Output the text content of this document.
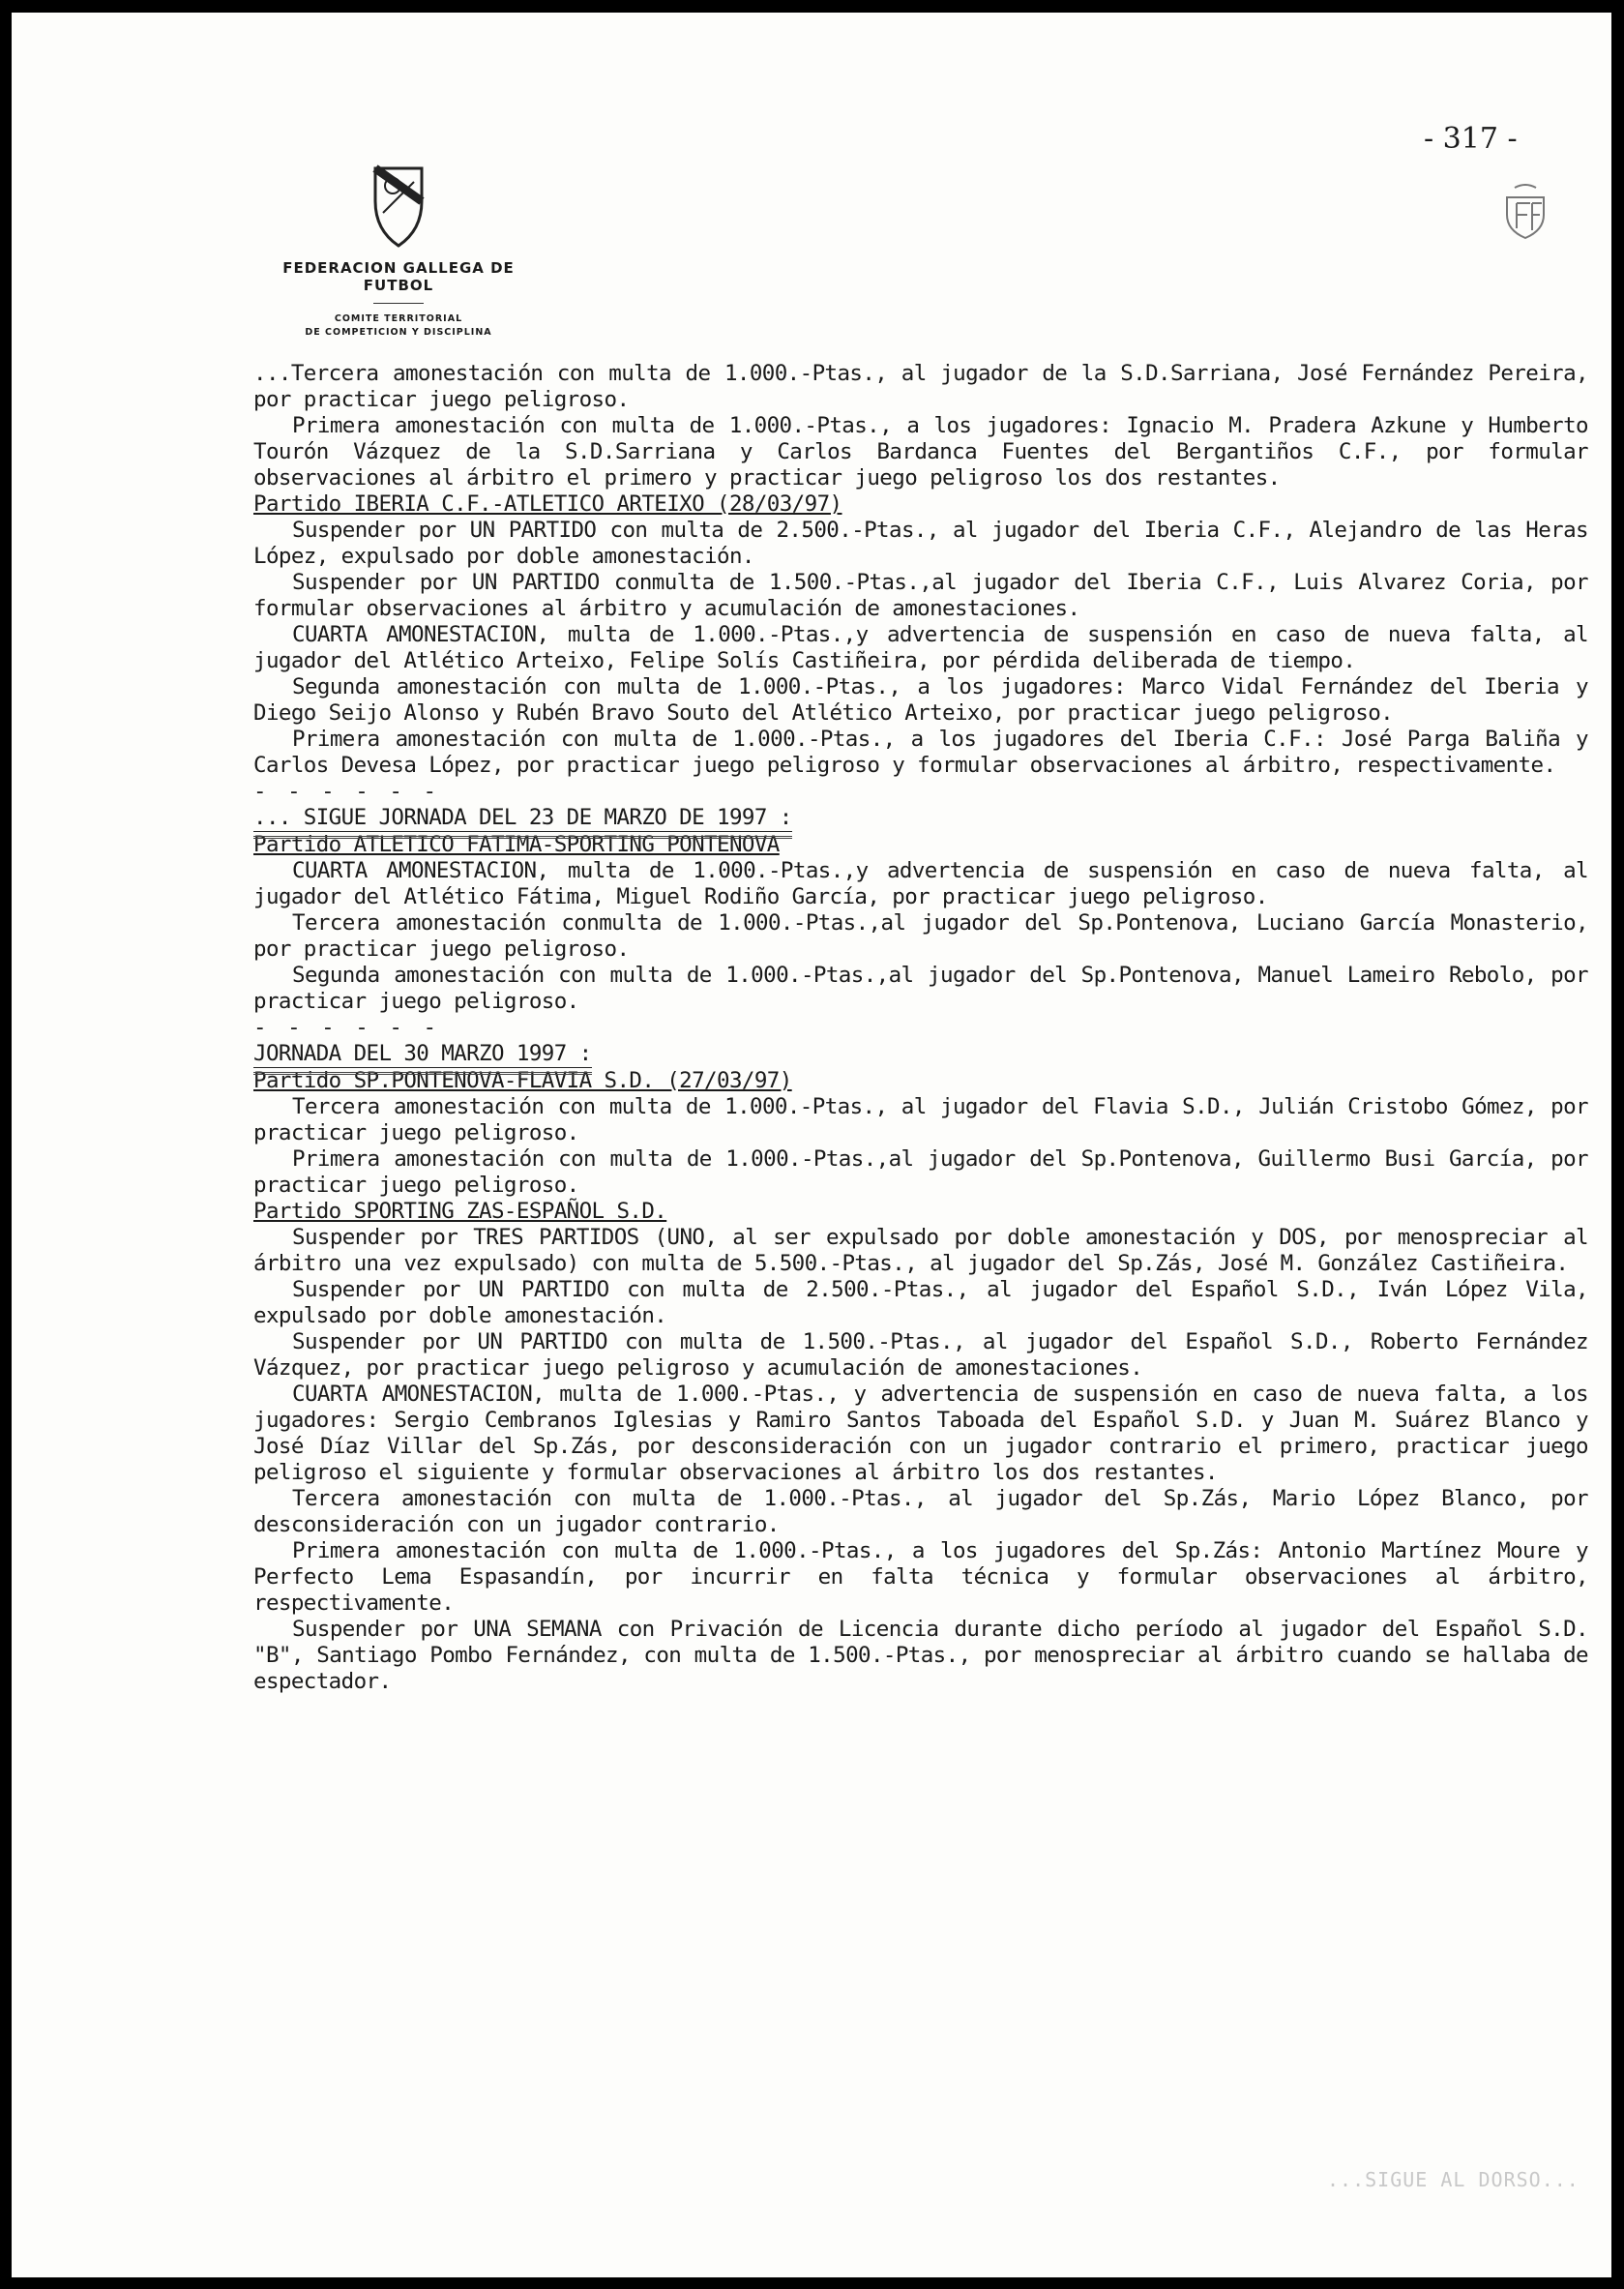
FEDERACION GALLEGA DE FUTBOL
COMITE TERRITORIAL
DE COMPETICION Y DISCIPLINA
- 317 -

...Tercera amonestación con multa de 1.000.-Ptas., al jugador de la S.D.Sarriana, José Fernández Pereira, por practicar juego peligroso.

Primera amonestación con multa de 1.000.-Ptas., a los jugadores: Ignacio M. Pradera Azkune y Humberto Tourón Vázquez de la S.D.Sarriana y Carlos Bardanca Fuentes del Bergantiños C.F., por formular observaciones al árbitro el primero y practicar juego peligroso los dos restantes.

Partido IBERIA C.F.-ATLETICO ARTEIXO (28/03/97)

Suspender por UN PARTIDO con multa de 2.500.-Ptas., al jugador del Iberia C.F., Alejandro de las Heras López, expulsado por doble amonestación.

Suspender por UN PARTIDO conmulta de 1.500.-Ptas.,al jugador del Iberia C.F., Luis Alvarez Coria, por formular observaciones al árbitro y acumulación de amonestaciones.

CUARTA AMONESTACION, multa de 1.000.-Ptas.,y advertencia de suspensión en caso de nueva falta, al jugador del Atlético Arteixo, Felipe Solís Castiñeira, por pérdida deliberada de tiempo.

Segunda amonestación con multa de 1.000.-Ptas., a los jugadores: Marco Vidal Fernández del Iberia y Diego Seijo Alonso y Rubén Bravo Souto del Atlético Arteixo, por practicar juego peligroso.

Primera amonestación con multa de 1.000.-Ptas., a los jugadores del Iberia C.F.: José Parga Baliña y Carlos Devesa López, por practicar juego peligroso y formular observaciones al árbitro, respectivamente.

- - - - - -

... SIGUE JORNADA DEL 23 DE MARZO DE 1997 :

Partido ATLETICO FATIMA-SPORTING PONTENOVA

CUARTA AMONESTACION, multa de 1.000.-Ptas.,y advertencia de suspensión en caso de nueva falta, al jugador del Atlético Fátima, Miguel Rodiño García, por practicar juego peligroso.

Tercera amonestación conmulta de 1.000.-Ptas.,al jugador del Sp.Pontenova, Luciano García Monasterio, por practicar juego peligroso.

Segunda amonestación con multa de 1.000.-Ptas.,al jugador del Sp.Pontenova, Manuel Lameiro Rebolo, por practicar juego peligroso.

- - - - - -

JORNADA DEL 30 MARZO 1997 :

Partido SP.PONTENOVA-FLAVIA S.D. (27/03/97)

Tercera amonestación con multa de 1.000.-Ptas., al jugador del Flavia S.D., Julián Cristobo Gómez, por practicar juego peligroso.

Primera amonestación con multa de 1.000.-Ptas.,al jugador del Sp.Pontenova, Guillermo Busi García, por practicar juego peligroso.

Partido SPORTING ZAS-ESPAÑOL S.D.

Suspender por TRES PARTIDOS (UNO, al ser expulsado por doble amonestación y DOS, por menospreciar al árbitro una vez expulsado) con multa de 5.500.-Ptas., al jugador del Sp.Zás, José M. González Castiñeira.

Suspender por UN PARTIDO con multa de 2.500.-Ptas., al jugador del Español S.D., Iván López Vila, expulsado por doble amonestación.

Suspender por UN PARTIDO con multa de 1.500.-Ptas., al jugador del Español S.D., Roberto Fernández Vázquez, por practicar juego peligroso y acumulación de amonestaciones.

CUARTA AMONESTACION, multa de 1.000.-Ptas., y advertencia de suspensión en caso de nueva falta, a los jugadores: Sergio Cembranos Iglesias y Ramiro Santos Taboada del Español S.D. y Juan M. Suárez Blanco y José Díaz Villar del Sp.Zás, por desconsideración con un jugador contrario el primero, practicar juego peligroso el siguiente y formular observaciones al árbitro los dos restantes.

Tercera amonestación con multa de 1.000.-Ptas., al jugador del Sp.Zás, Mario López Blanco, por desconsideración con un jugador contrario.

Primera amonestación con multa de 1.000.-Ptas., a los jugadores del Sp.Zás: Antonio Martínez Moure y Perfecto Lema Espasandín, por incurrir en falta técnica y formular observaciones al árbitro, respectivamente.

Suspender por UNA SEMANA con Privación de Licencia durante dicho período al jugador del Español S.D. "B", Santiago Pombo Fernández, con multa de 1.500.-Ptas., por menospreciar al árbitro cuando se hallaba de espectador.

...SIGUE AL DORSO...
